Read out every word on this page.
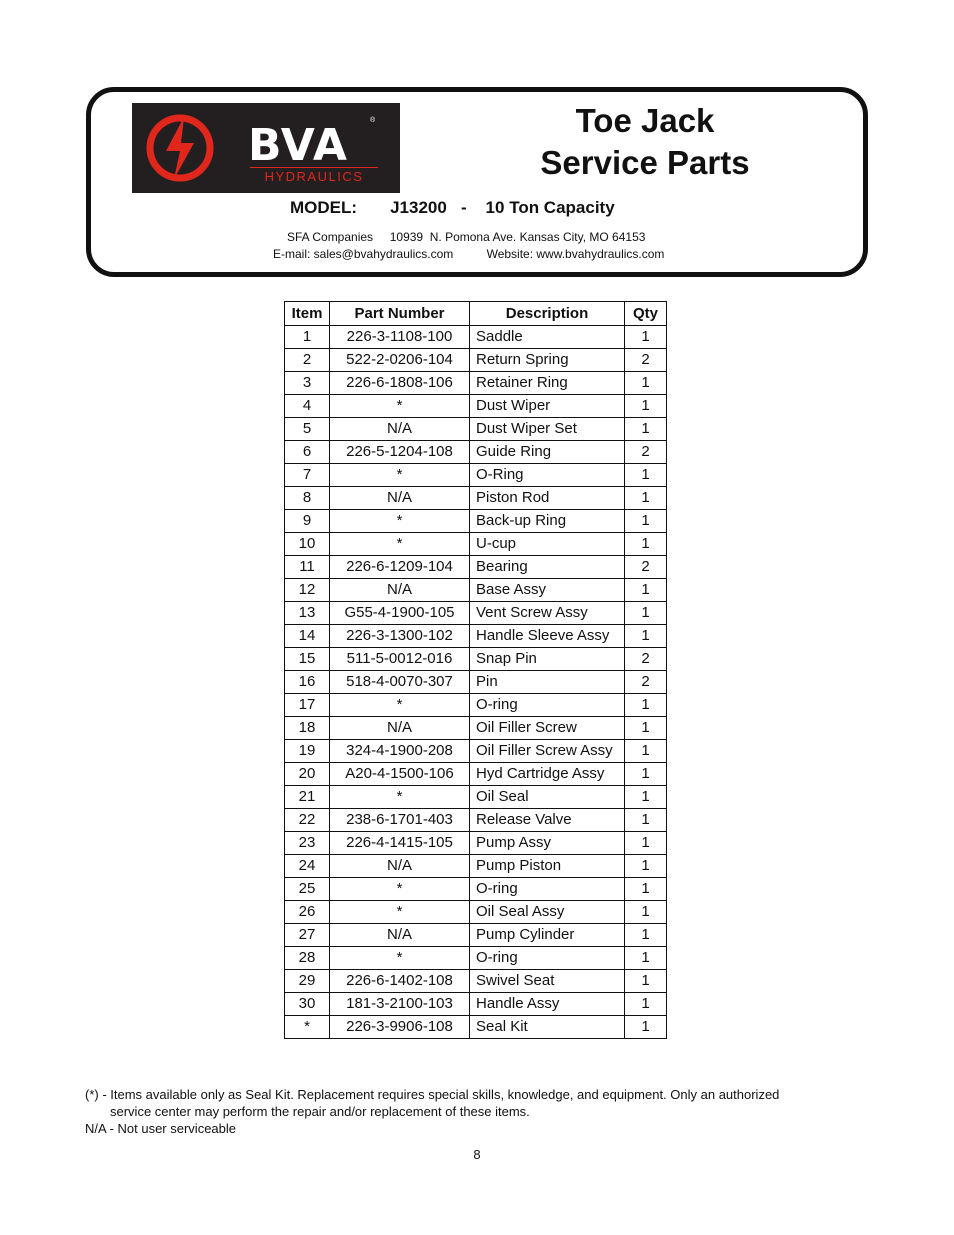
BVA	®
HYDRAULICS
Toe Jack
Service Parts
MODEL:       J13200   -    10 Ton Capacity
SFA Companies     10939  N. Pomona Ave. Kansas City, MO 64153
E-mail: sales@bvahydraulics.com          Website: www.bvahydraulics.com
Item	Part Number	Description	Qty
1	226-3-1108-100	Saddle	1
2	522-2-0206-104	Return Spring	2
3	226-6-1808-106	Retainer Ring	1
4	*	Dust Wiper	1
5	N/A	Dust Wiper Set	1
6	226-5-1204-108	Guide Ring	2
7	*	O-Ring	1
8	N/A	Piston Rod	1
9	*	Back-up Ring	1
10	*	U-cup	1
11	226-6-1209-104	Bearing	2
12	N/A	Base Assy	1
13	G55-4-1900-105	Vent Screw Assy	1
14	226-3-1300-102	Handle Sleeve Assy	1
15	511-5-0012-016	Snap Pin	2
16	518-4-0070-307	Pin	2
17	*	O-ring	1
18	N/A	Oil Filler Screw	1
19	324-4-1900-208	Oil Filler Screw Assy	1
20	A20-4-1500-106	Hyd Cartridge Assy	1
21	*	Oil Seal	1
22	238-6-1701-403	Release Valve	1
23	226-4-1415-105	Pump Assy	1
24	N/A	Pump Piston	1
25	*	O-ring	1
26	*	Oil Seal Assy	1
27	N/A	Pump Cylinder	1
28	*	O-ring	1
29	226-6-1402-108	Swivel Seat	1
30	181-3-2100-103	Handle Assy	1
*	226-3-9906-108	Seal Kit	1
(*) - Items available only as Seal Kit. Replacement requires special skills, knowledge, and equipment. Only an authorized
service center may perform the repair and/or replacement of these items.
N/A - Not user serviceable
8
